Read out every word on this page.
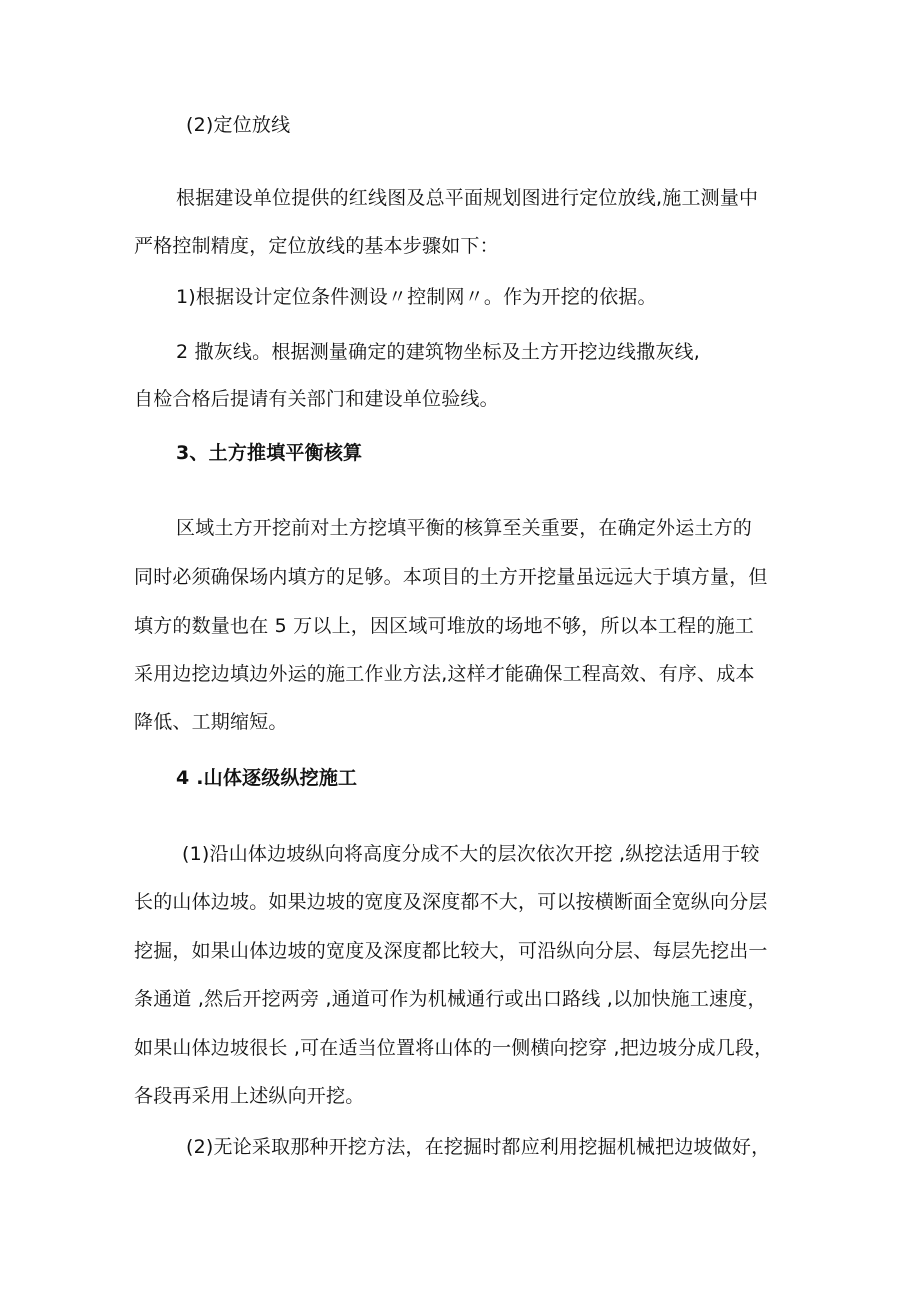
(2)定位放线
根据建设单位提供的红线图及总平面规划图进行定位放线,施工测量中
严格控制精度，定位放线的基本步骤如下：
1)根据设计定位条件测设〃控制网〃。作为开挖的依据。
2 撒灰线。根据测量确定的建筑物坐标及土方开挖边线撒灰线,
自检合格后提请有关部门和建设单位验线。
3、土方推填平衡核算
区域土方开挖前对土方挖填平衡的核算至关重要，在确定外运土方的
同时必须确保场内填方的足够。本项目的土方开挖量虽远远大于填方量，但
填方的数量也在 5 万以上，因区域可堆放的场地不够，所以本工程的施工
采用边挖边填边外运的施工作业方法,这样才能确保工程高效、有序、成本
降低、工期缩短。
4 .山体逐级纵挖施工
(1)沿山体边坡纵向将高度分成不大的层次依次开挖 ,纵挖法适用于较
长的山体边坡。如果边坡的宽度及深度都不大，可以按横断面全宽纵向分层
挖掘，如果山体边坡的宽度及深度都比较大，可沿纵向分层、每层先挖出一
条通道 ,然后开挖两旁 ,通道可作为机械通行或出口路线 ,以加快施工速度，
如果山体边坡很长 ,可在适当位置将山体的一侧横向挖穿 ,把边坡分成几段，
各段再采用上述纵向开挖。
(2)无论采取那种开挖方法，在挖掘时都应利用挖掘机械把边坡做好，
